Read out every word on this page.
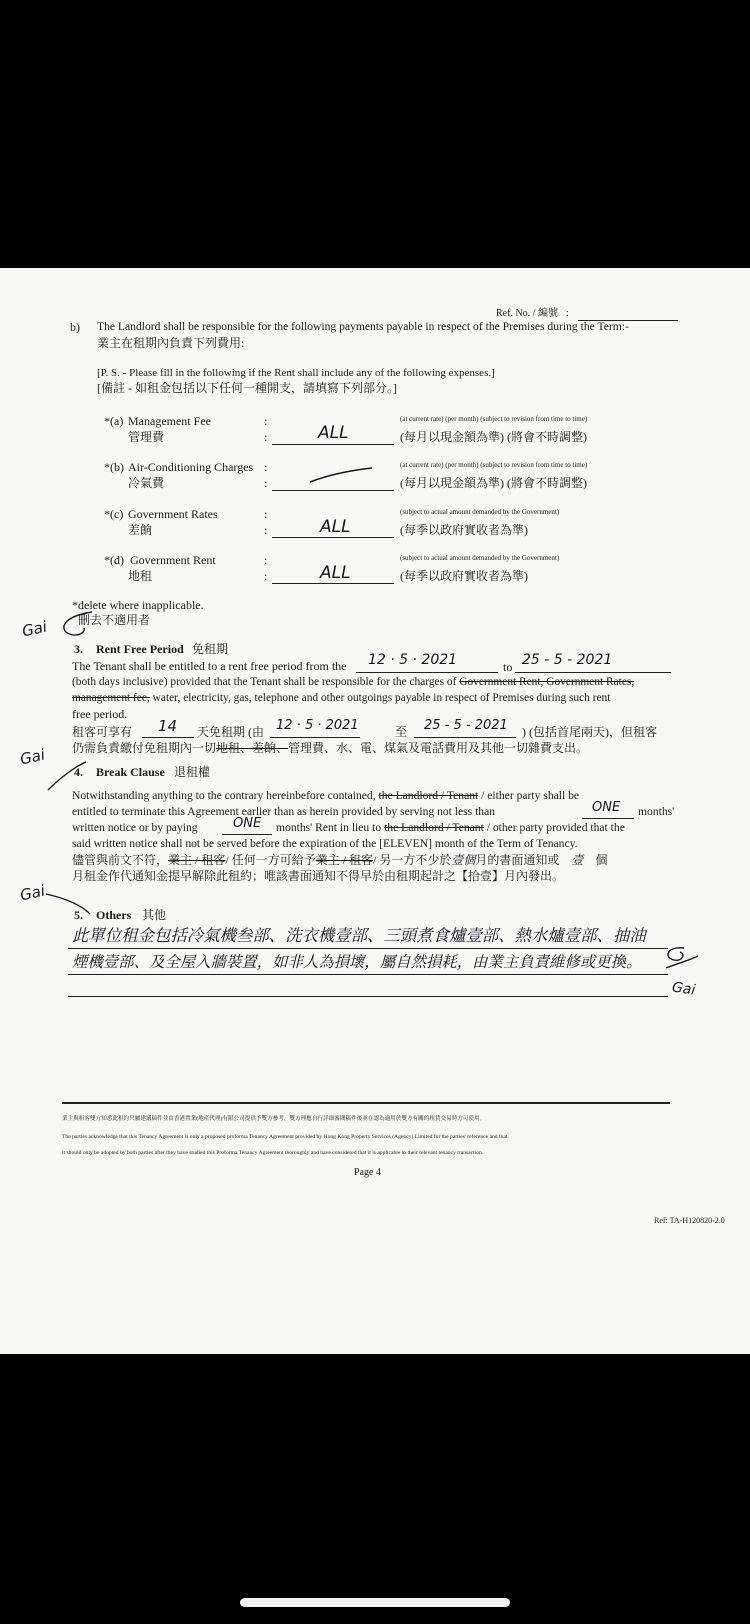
Ref. No. / 編號 :
b) The Landlord shall be responsible for the following payments payable in respect of the Premises during the Term:-
業主在租期內負責下列費用:
[P. S. - Please fill in the following if the Rent shall include any of the following expenses.]
[備註 - 如租金包括以下任何一種開支，請填寫下列部分。]
*(a) Management Fee
管理費
:
:	ALL
(at current rate) (per month) (subject to revision from time to time)
(每月以現金額為準) (將會不時調整)
*(b) Air-Conditioning Charges
冷氣費
:
:
(at current rate) (per month) (subject to revision from time to time)
(每月以現金額為準) (將會不時調整)
*(c) Government Rates
差餉
:
:	ALL
(subject to actual amount demanded by the Government)
(每季以政府實收者為準)
*(d) Government Rent
地租
:
:	ALL
(subject to actual amount demanded by the Government)
(每季以政府實收者為準)
*delete where inapplicable.
刪去不適用者
Gai
3. Rent Free Period 免租期
The Tenant shall be entitled to a rent free period from the 12 · 5 · 2021	to 25 - 5 - 2021
(both days inclusive) provided that the Tenant shall be responsible for the charges of Government Rent, Government Rates,
management fee, water, electricity, gas, telephone and other outgoings payable in respect of Premises during such rent
free period.
租客可享有 14 天免租期 (由 12 · 5 · 2021	至 25 - 5 - 2021 ) (包括首尾兩天)，但租客
仍需負責繳付免租期內一切地租、差餉、管理費、水、電、煤氣及電話費用及其他一切雜費支出。
Gai
4. Break Clause 退租權
Notwithstanding anything to the contrary hereinbefore contained, the Landlord / Tenant / either party shall be
entitled to terminate this Agreement earlier than as herein provided by serving not less than	ONE months'
written notice or by paying	ONE months' Rent in lieu to the Landlord / Tenant / other party provided that the
said written notice shall not be served before the expiration of the [ELEVEN] month of the Term of Tenancy.
儘管與前文不符，業主 / 租客/ 任何一方可給予業主 / 租客/ 另一方不少於壹個月的書面通知或 壹 個
月租金作代通知金提早解除此租約；唯該書面通知不得早於由租期起計之【拾壹】月內發出。
Gai
5. Others 其他
此單位租金包括冷氣機叁部、洗衣機壹部、三頭煮食爐壹部、熱水爐壹部、抽油
煙機壹部、及全屋入牆裝置，如非人為損壞，屬自然損耗，由業主負責維修或更換。
Gai
業主與租客雙方知悉此租約只屬建議稿件並由香港置業(地產代理)有限公司提供予雙方參考，雙方理應自行詳細審閱稿件後並在認為適用於雙方有關的租賃交易時方可使用。
The parties acknowledge that this Tenancy Agreement is only a proposed proforma Tenancy Agreement provided by Hong Kong Property Services (Agency) Limited for the parties' reference and that
it should only be adopted by both parties after they have studied this Proforma Tenancy Agreement thoroughly and have considered that it is applicable to their relevant tenancy transaction.
Page 4
Ref: TA-H120820-2.0
